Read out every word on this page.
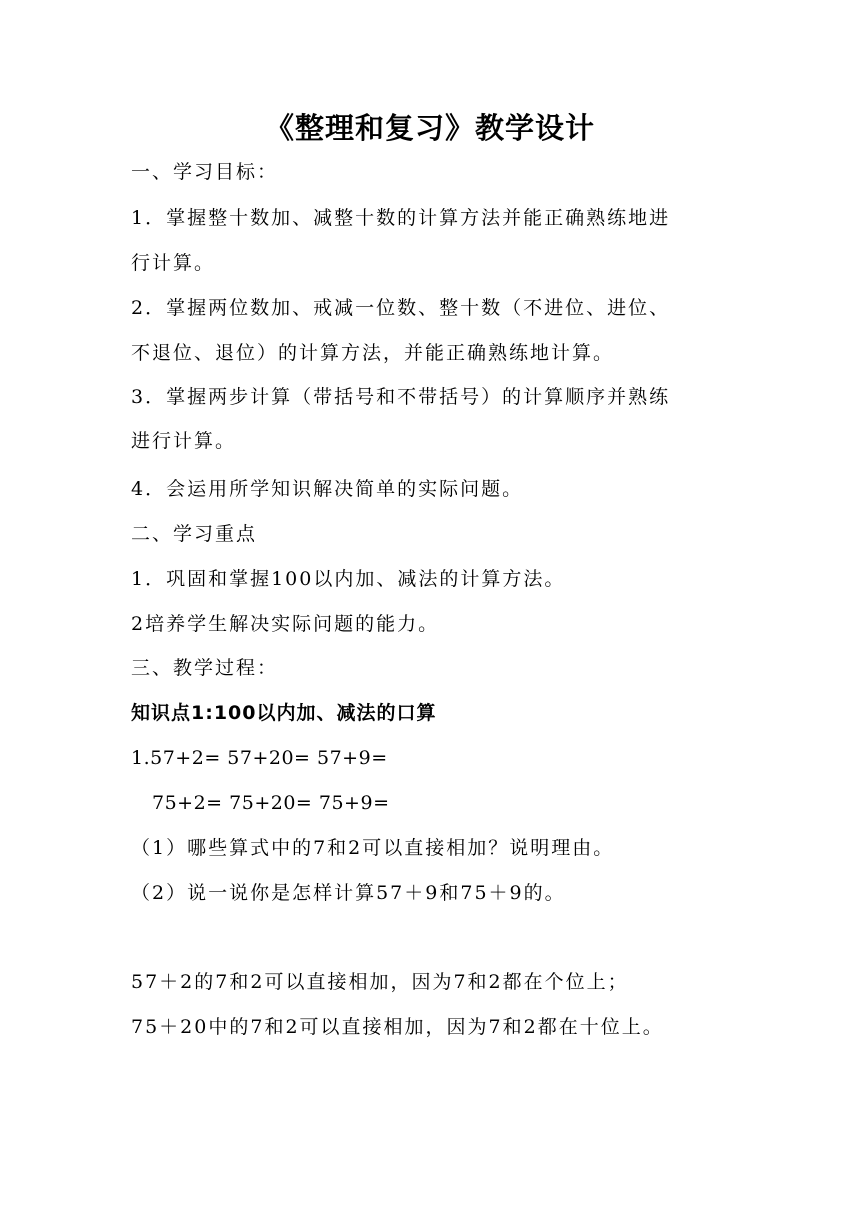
《整理和复习》教学设计
一、学习目标：
1．掌握整十数加、减整十数的计算方法并能正确熟练地进
行计算。
2．掌握两位数加、戒减一位数、整十数（不进位、进位、
不退位、退位）的计算方法，并能正确熟练地计算。
3．掌握两步计算（带括号和不带括号）的计算顺序并熟练
进行计算。
4．会运用所学知识解决简单的实际问题。
二、学习重点
1．巩固和掌握100以内加、减法的计算方法。
2培养学生解决实际问题的能力。
三、教学过程：
知识点1:100以内加、减法的口算
1.57+2= 57+20= 57+9=
75+2= 75+20= 75+9=
（1）哪些算式中的7和2可以直接相加？说明理由。
（2）说一说你是怎样计算57＋9和75＋9的。
57＋2的7和2可以直接相加，因为7和2都在个位上；
75＋20中的7和2可以直接相加，因为7和2都在十位上。
